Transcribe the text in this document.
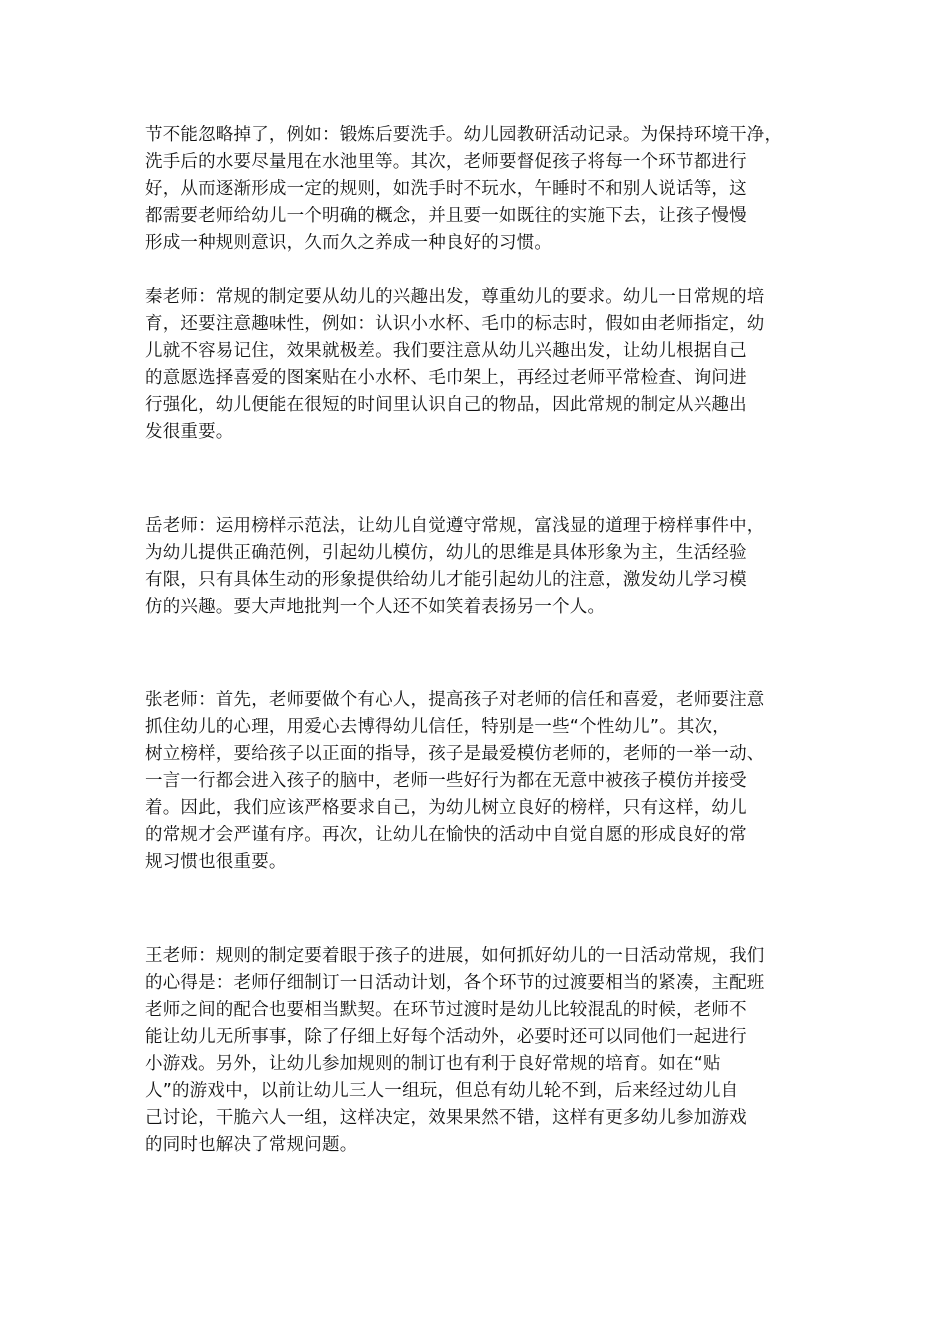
节不能忽略掉了，例如：锻炼后要洗手。幼儿园教研活动记录。为保持环境干净，
洗手后的水要尽量甩在水池里等。其次，老师要督促孩子将每一个环节都进行
好，从而逐渐形成一定的规则，如洗手时不玩水，午睡时不和别人说话等，这
都需要老师给幼儿一个明确的概念，并且要一如既往的实施下去，让孩子慢慢
形成一种规则意识，久而久之养成一种良好的习惯。
秦老师：常规的制定要从幼儿的兴趣出发，尊重幼儿的要求。幼儿一日常规的培
育，还要注意趣味性，例如：认识小水杯、毛巾的标志时，假如由老师指定，幼
儿就不容易记住，效果就极差。我们要注意从幼儿兴趣出发，让幼儿根据自己
的意愿选择喜爱的图案贴在小水杯、毛巾架上，再经过老师平常检查、询问进
行强化，幼儿便能在很短的时间里认识自己的物品，因此常规的制定从兴趣出
发很重要。
岳老师：运用榜样示范法，让幼儿自觉遵守常规，富浅显的道理于榜样事件中，
为幼儿提供正确范例，引起幼儿模仿，幼儿的思维是具体形象为主，生活经验
有限，只有具体生动的形象提供给幼儿才能引起幼儿的注意，激发幼儿学习模
仿的兴趣。要大声地批判一个人还不如笑着表扬另一个人。
张老师：首先，老师要做个有心人，提高孩子对老师的信任和喜爱，老师要注意
抓住幼儿的心理，用爱心去博得幼儿信任，特别是一些“个性幼儿”。其次，
树立榜样，要给孩子以正面的指导，孩子是最爱模仿老师的，老师的一举一动、
一言一行都会进入孩子的脑中，老师一些好行为都在无意中被孩子模仿并接受
着。因此，我们应该严格要求自己，为幼儿树立良好的榜样，只有这样，幼儿
的常规才会严谨有序。再次，让幼儿在愉快的活动中自觉自愿的形成良好的常
规习惯也很重要。
王老师：规则的制定要着眼于孩子的进展，如何抓好幼儿的一日活动常规，我们
的心得是：老师仔细制订一日活动计划，各个环节的过渡要相当的紧凑，主配班
老师之间的配合也要相当默契。在环节过渡时是幼儿比较混乱的时候，老师不
能让幼儿无所事事，除了仔细上好每个活动外，必要时还可以同他们一起进行
小游戏。另外，让幼儿参加规则的制订也有利于良好常规的培育。如在“贴
人”的游戏中，以前让幼儿三人一组玩，但总有幼儿轮不到，后来经过幼儿自
己讨论，干脆六人一组，这样决定，效果果然不错，这样有更多幼儿参加游戏
的同时也解决了常规问题。
